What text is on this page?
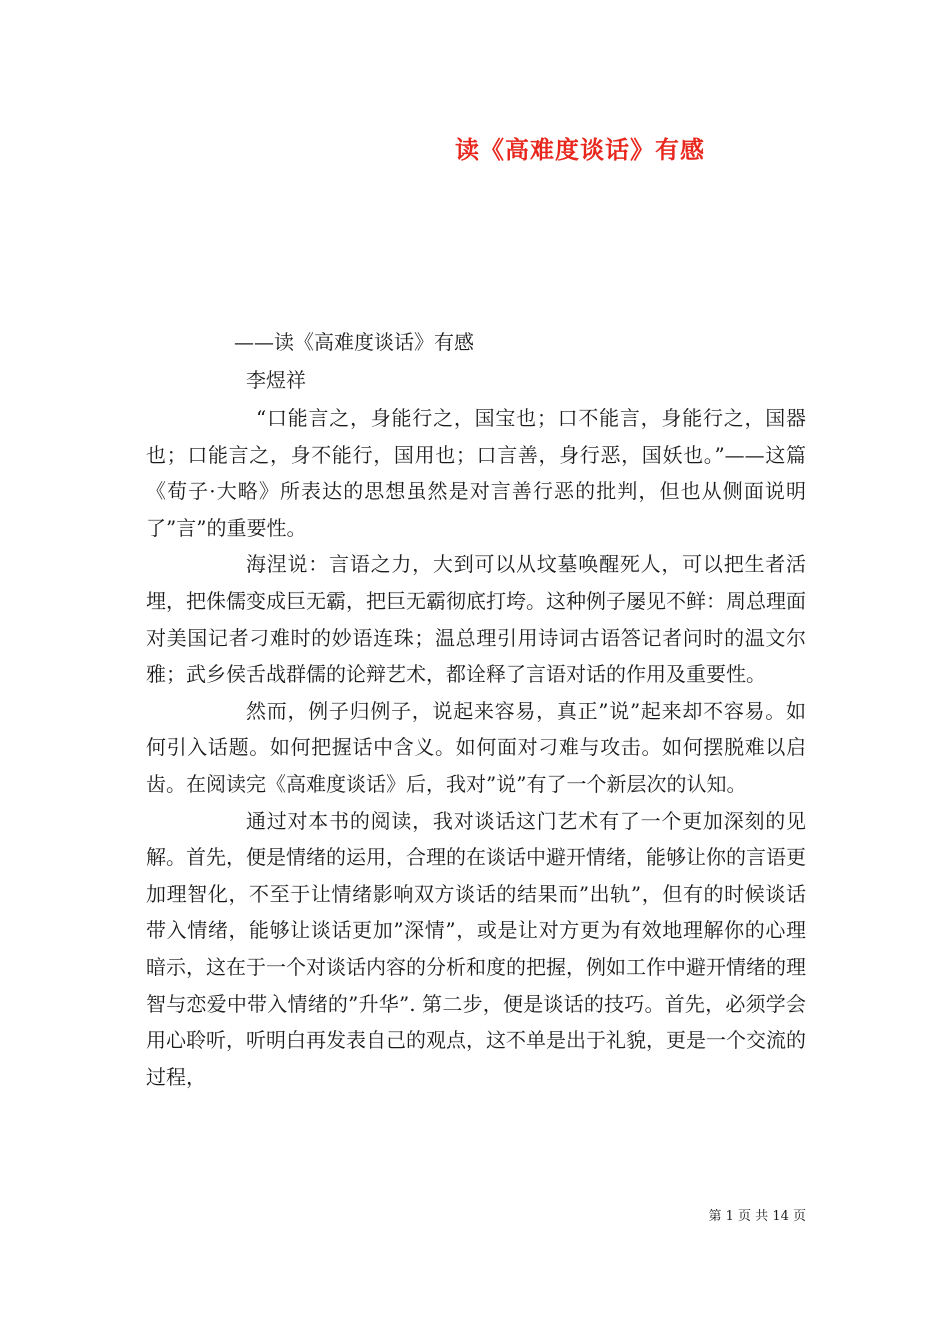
读《高难度谈话》有感
——读《高难度谈话》有感
李煜祥

“口能言之，身能行之，国宝也；口不能言，身能行之，国器也；口能言之，身不能行，国用也；口言善，身行恶，国妖也。”——这篇《荀子·大略》所表达的思想虽然是对言善行恶的批判，但也从侧面说明了”言”的重要性。

海涅说：言语之力，大到可以从坟墓唤醒死人，可以把生者活埋，把侏儒变成巨无霸，把巨无霸彻底打垮。这种例子屡见不鲜：周总理面对美国记者刁难时的妙语连珠；温总理引用诗词古语答记者问时的温文尔雅；武乡侯舌战群儒的论辩艺术，都诠释了言语对话的作用及重要性。

然而，例子归例子，说起来容易，真正”说”起来却不容易。如何引入话题。如何把握话中含义。如何面对刁难与攻击。如何摆脱难以启齿。在阅读完《高难度谈话》后，我对”说”有了一个新层次的认知。

通过对本书的阅读，我对谈话这门艺术有了一个更加深刻的见解。首先，便是情绪的运用，合理的在谈话中避开情绪，能够让你的言语更加理智化，不至于让情绪影响双方谈话的结果而”出轨”，但有的时候谈话带入情绪，能够让谈话更加”深情”，或是让对方更为有效地理解你的心理暗示，这在于一个对谈话内容的分析和度的把握，例如工作中避开情绪的理智与恋爱中带入情绪的”升华”. 第二步，便是谈话的技巧。首先，必须学会用心聆听，听明白再发表自己的观点，这不单是出于礼貌，更是一个交流的过程，

第 1 页 共 14 页
